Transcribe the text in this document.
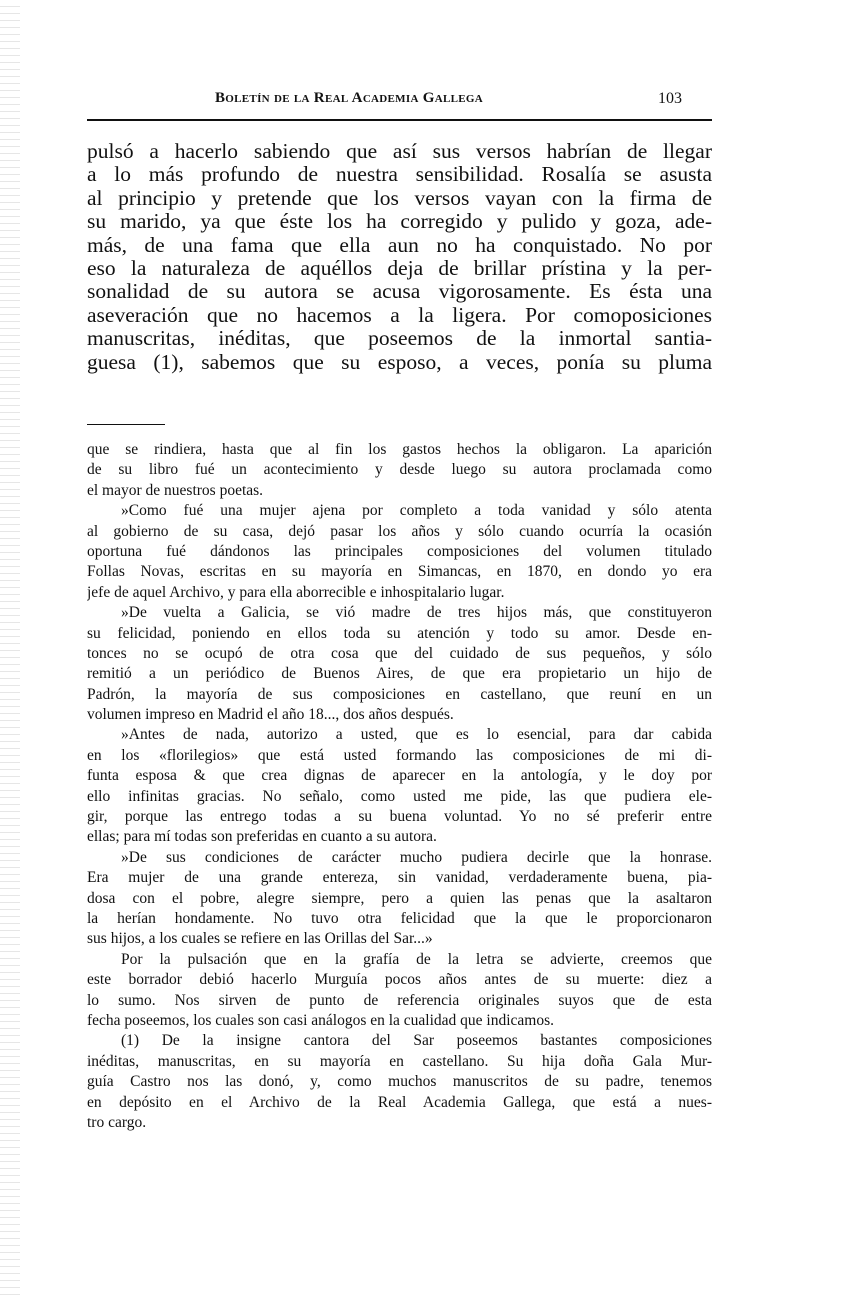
Boletín de la Real Academia Gallega	103
pulsó a hacerlo sabiendo que así sus versos habrían de llegar
a lo más profundo de nuestra sensibilidad. Rosalía se asusta
al principio y pretende que los versos vayan con la firma de
su marido, ya que éste los ha corregido y pulido y goza, ade-
más, de una fama que ella aun no ha conquistado. No por
eso la naturaleza de aquéllos deja de brillar prístina y la per-
sonalidad de su autora se acusa vigorosamente. Es ésta una
aseveración que no hacemos a la ligera. Por comoposiciones
manuscritas, inéditas, que poseemos de la inmortal santia-
guesa (1), sabemos que su esposo, a veces, ponía su pluma
que se rindiera, hasta que al fin los gastos hechos la obligaron. La aparición
de su libro fué un acontecimiento y desde luego su autora proclamada como
el mayor de nuestros poetas.
»Como fué una mujer ajena por completo a toda vanidad y sólo atenta
al gobierno de su casa, dejó pasar los años y sólo cuando ocurría la ocasión
oportuna fué dándonos las principales composiciones del volumen titulado
Follas Novas, escritas en su mayoría en Simancas, en 1870, en dondo yo era
jefe de aquel Archivo, y para ella aborrecible e inhospitalario lugar.
»De vuelta a Galicia, se vió madre de tres hijos más, que constituyeron
su felicidad, poniendo en ellos toda su atención y todo su amor. Desde en-
tonces no se ocupó de otra cosa que del cuidado de sus pequeños, y sólo
remitió a un periódico de Buenos Aires, de que era propietario un hijo de
Padrón, la mayoría de sus composiciones en castellano, que reuní en un
volumen impreso en Madrid el año 18..., dos años después.
»Antes de nada, autorizo a usted, que es lo esencial, para dar cabida
en los «florilegios» que está usted formando las composiciones de mi di-
funta esposa & que crea dignas de aparecer en la antología, y le doy por
ello infinitas gracias. No señalo, como usted me pide, las que pudiera ele-
gir, porque las entrego todas a su buena voluntad. Yo no sé preferir entre
ellas; para mí todas son preferidas en cuanto a su autora.
»De sus condiciones de carácter mucho pudiera decirle que la honrase.
Era mujer de una grande entereza, sin vanidad, verdaderamente buena, pia-
dosa con el pobre, alegre siempre, pero a quien las penas que la asaltaron
la herían hondamente. No tuvo otra felicidad que la que le proporcionaron
sus hijos, a los cuales se refiere en las Orillas del Sar...»
Por la pulsación que en la grafía de la letra se advierte, creemos que
este borrador debió hacerlo Murguía pocos años antes de su muerte: diez a
lo sumo. Nos sirven de punto de referencia originales suyos que de esta
fecha poseemos, los cuales son casi análogos en la cualidad que indicamos.
(1) De la insigne cantora del Sar poseemos bastantes composiciones
inéditas, manuscritas, en su mayoría en castellano. Su hija doña Gala Mur-
guía Castro nos las donó, y, como muchos manuscritos de su padre, tenemos
en depósito en el Archivo de la Real Academia Gallega, que está a nues-
tro cargo.
